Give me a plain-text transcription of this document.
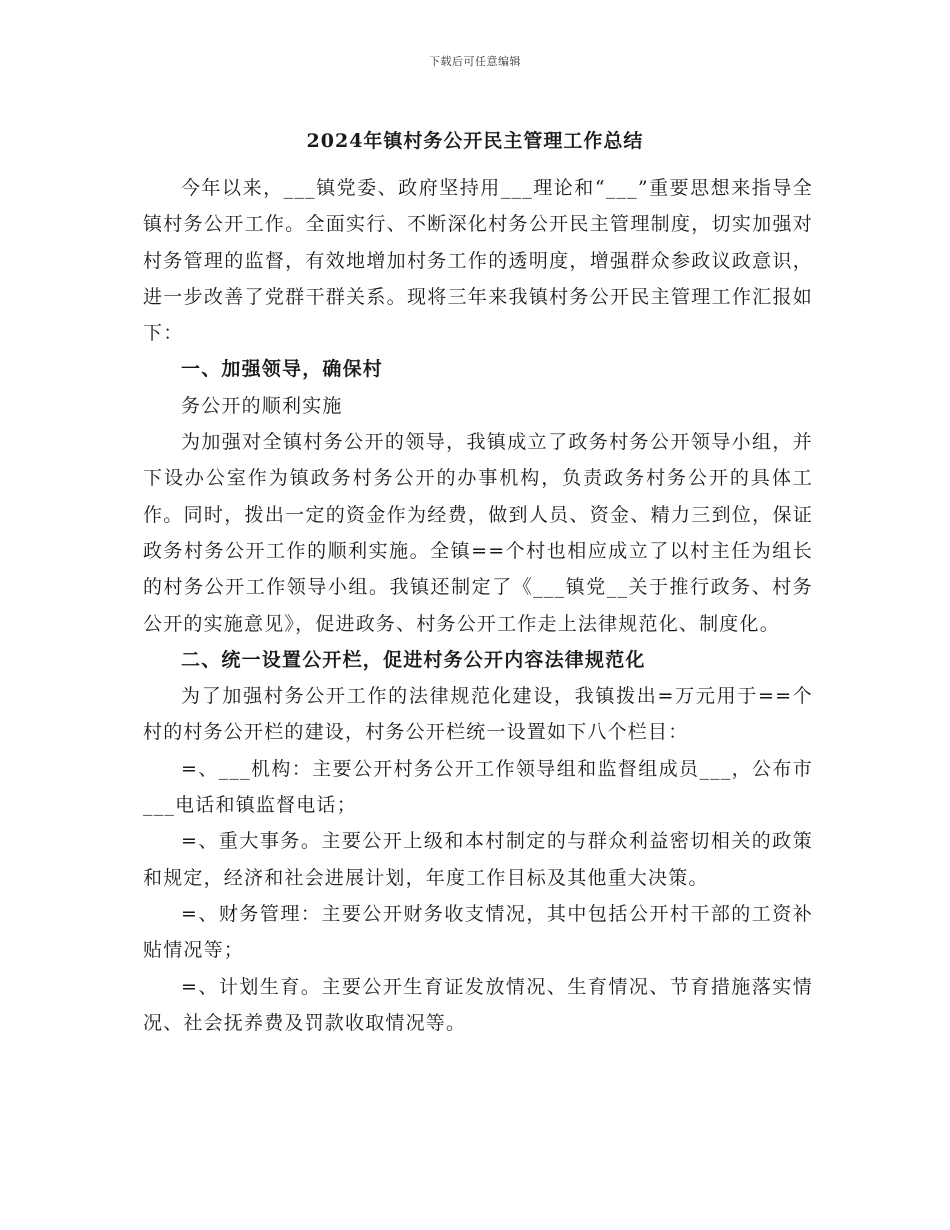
下载后可任意编辑
2024年镇村务公开民主管理工作总结

今年以来，___镇党委、政府坚持用___理论和“___”重要思想来指导全镇村务公开工作。全面实行、不断深化村务公开民主管理制度，切实加强对村务管理的监督，有效地增加村务工作的透明度，增强群众参政议政意识，进一步改善了党群干群关系。现将三年来我镇村务公开民主管理工作汇报如下：

一、加强领导，确保村

务公开的顺利实施

为加强对全镇村务公开的领导，我镇成立了政务村务公开领导小组，并下设办公室作为镇政务村务公开的办事机构，负责政务村务公开的具体工作。同时，拨出一定的资金作为经费，做到人员、资金、精力三到位，保证政务村务公开工作的顺利实施。全镇==个村也相应成立了以村主任为组长的村务公开工作领导小组。我镇还制定了《___镇党__关于推行政务、村务公开的实施意见》，促进政务、村务公开工作走上法律规范化、制度化。

二、统一设置公开栏，促进村务公开内容法律规范化

为了加强村务公开工作的法律规范化建设，我镇拨出=万元用于==个村的村务公开栏的建设，村务公开栏统一设置如下八个栏目：

=、___机构：主要公开村务公开工作领导组和监督组成员___，公布市___电话和镇监督电话；

=、重大事务。主要公开上级和本村制定的与群众利益密切相关的政策和规定，经济和社会进展计划，年度工作目标及其他重大决策。

=、财务管理：主要公开财务收支情况，其中包括公开村干部的工资补贴情况等；

=、计划生育。主要公开生育证发放情况、生育情况、节育措施落实情况、社会抚养费及罚款收取情况等。
